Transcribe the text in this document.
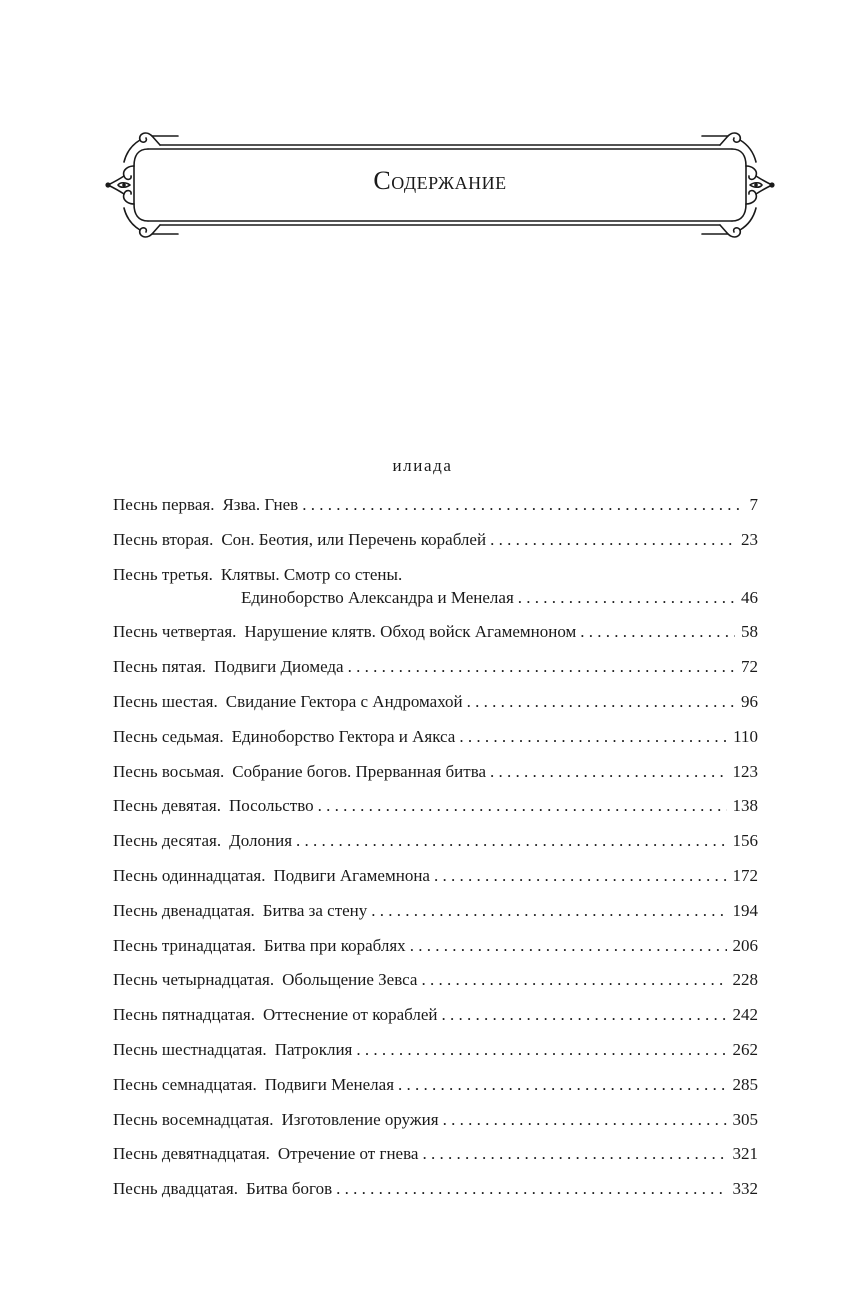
Содержание
илиада
Песнь первая. Язва. Гнев . . .	7
Песнь вторая. Сон. Беотия, или Перечень кораблей . . .	23
Песнь третья. Клятвы. Смотр со стены.
Единоборство Александра и Менелая . . .	46
Песнь четвертая. Нарушение клятв. Обход войск Агамемноном . . .	58
Песнь пятая. Подвиги Диомеда . . .	72
Песнь шестая. Свидание Гектора с Андромахой . . .	96
Песнь седьмая. Единоборство Гектора и Аякса . . .	110
Песнь восьмая. Собрание богов. Прерванная битва . . .	123
Песнь девятая. Посольство . . .	138
Песнь десятая. Долония . . .	156
Песнь одиннадцатая. Подвиги Агамемнона . . .	172
Песнь двенадцатая. Битва за стену . . .	194
Песнь тринадцатая. Битва при кораблях . . .	206
Песнь четырнадцатая. Обольщение Зевса . . .	228
Песнь пятнадцатая. Оттеснение от кораблей . . .	242
Песнь шестнадцатая. Патроклия . . .	262
Песнь семнадцатая. Подвиги Менелая . . .	285
Песнь восемнадцатая. Изготовление оружия . . .	305
Песнь девятнадцатая. Отречение от гнева . . .	321
Песнь двадцатая. Битва богов . . .	332
